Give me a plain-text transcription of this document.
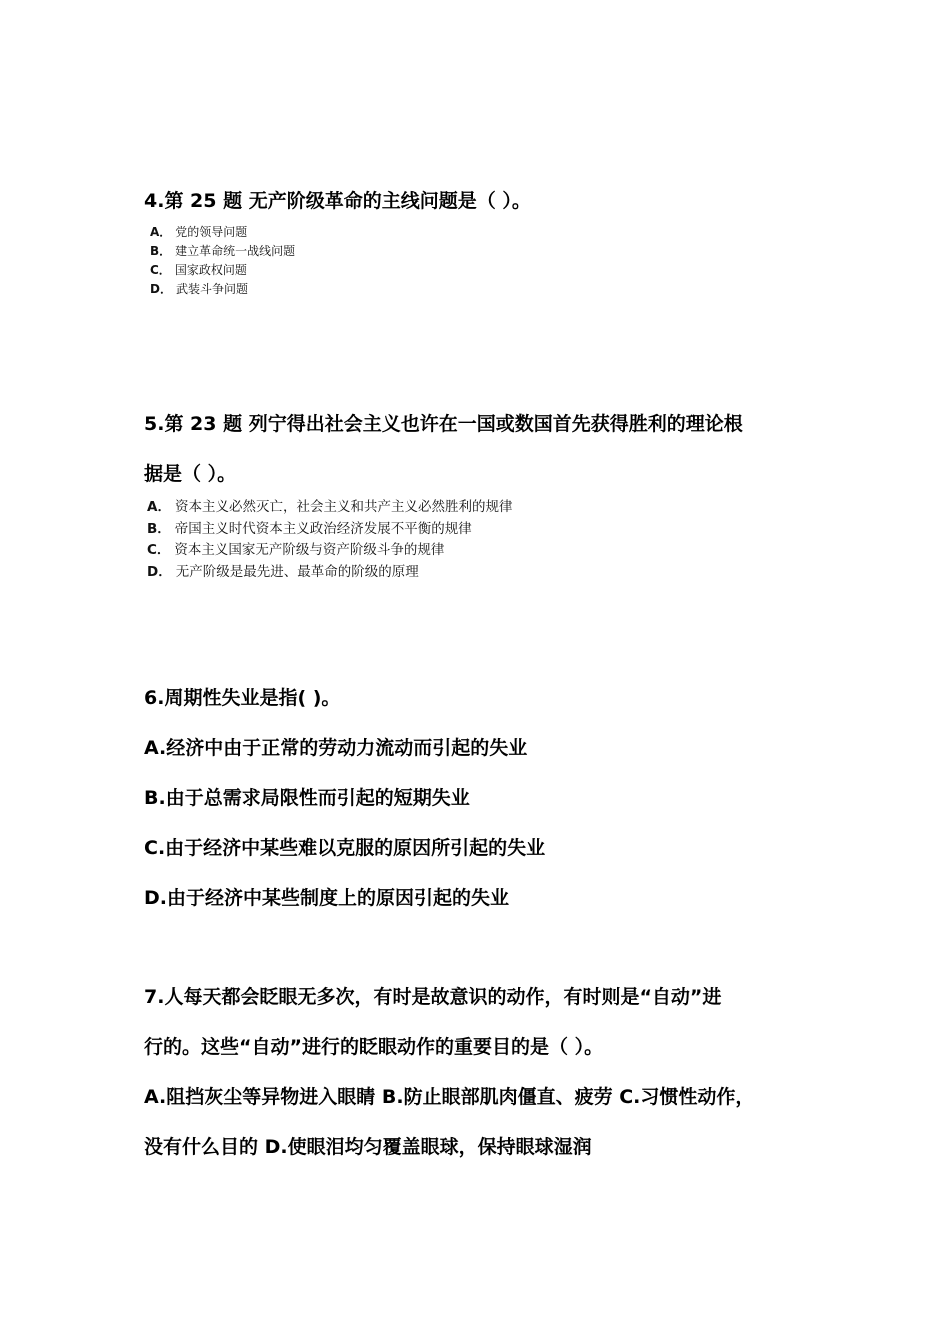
4.第 25 题 无产阶级革命的主线问题是（ ）。
A． 党的领导问题
B． 建立革命统一战线问题
C． 国家政权问题
D． 武装斗争问题
5.第 23 题 列宁得出社会主义也许在一国或数国首先获得胜利的理论根
据是（ ）。
A． 资本主义必然灭亡，社会主义和共产主义必然胜利的规律
B． 帝国主义时代资本主义政治经济发展不平衡的规律
C． 资本主义国家无产阶级与资产阶级斗争的规律
D． 无产阶级是最先进、最革命的阶级的原理
6.周期性失业是指( )。
A.经济中由于正常的劳动力流动而引起的失业
B.由于总需求局限性而引起的短期失业
C.由于经济中某些难以克服的原因所引起的失业
D.由于经济中某些制度上的原因引起的失业
7.人每天都会眨眼无多次，有时是故意识的动作，有时则是“自动”进
行的。这些“自动”进行的眨眼动作的重要目的是（ ）。
A.阻挡灰尘等异物进入眼睛 B.防止眼部肌肉僵直、疲劳 C.习惯性动作，
没有什么目的 D.使眼泪均匀覆盖眼球，保持眼球湿润
